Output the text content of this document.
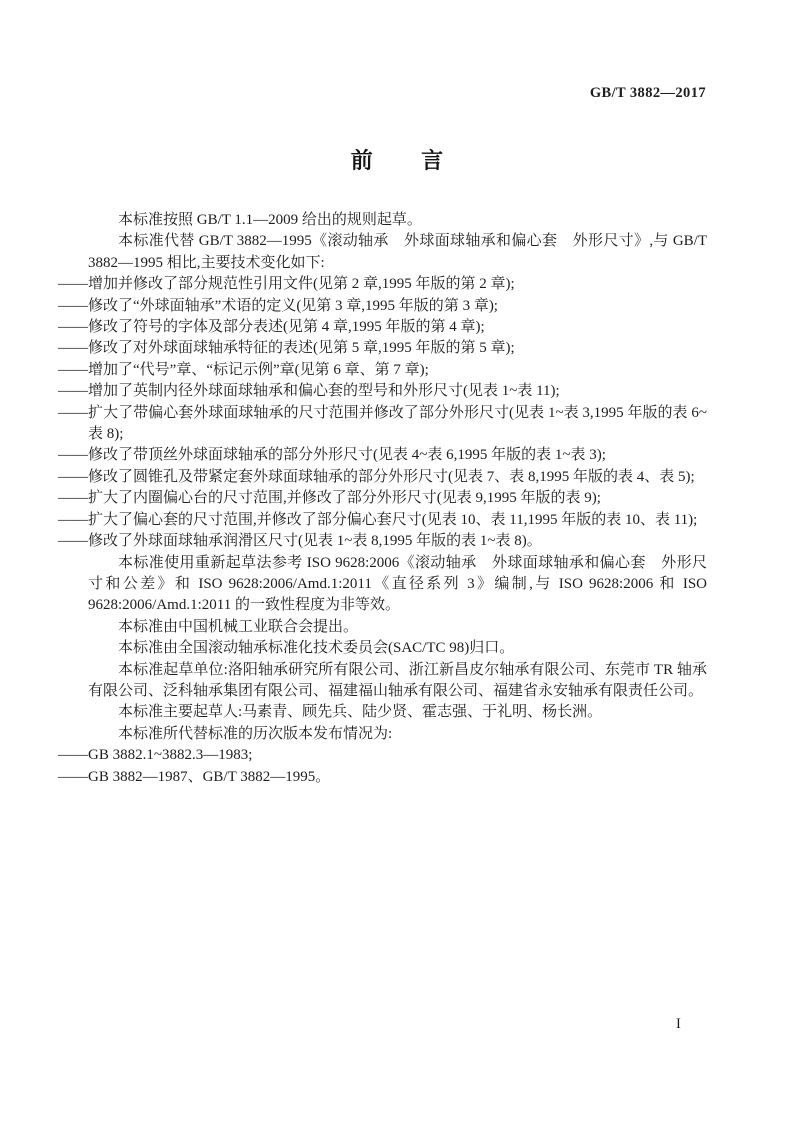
GB/T 3882—2017
前言

本标准按照 GB/T 1.1—2009 给出的规则起草。

本标准代替 GB/T 3882—1995《滚动轴承　外球面球轴承和偏心套　外形尺寸》,与 GB/T 3882—1995 相比,主要技术变化如下:

——增加并修改了部分规范性引用文件(见第 2 章,1995 年版的第 2 章);

——修改了“外球面轴承”术语的定义(见第 3 章,1995 年版的第 3 章);

——修改了符号的字体及部分表述(见第 4 章,1995 年版的第 4 章);

——修改了对外球面球轴承特征的表述(见第 5 章,1995 年版的第 5 章);

——增加了“代号”章、“标记示例”章(见第 6 章、第 7 章);

——增加了英制内径外球面球轴承和偏心套的型号和外形尺寸(见表 1~表 11);

——扩大了带偏心套外球面球轴承的尺寸范围并修改了部分外形尺寸(见表 1~表 3,1995 年版的表 6~表 8);

——修改了带顶丝外球面球轴承的部分外形尺寸(见表 4~表 6,1995 年版的表 1~表 3);

——修改了圆锥孔及带紧定套外球面球轴承的部分外形尺寸(见表 7、表 8,1995 年版的表 4、表 5);

——扩大了内圈偏心台的尺寸范围,并修改了部分外形尺寸(见表 9,1995 年版的表 9);

——扩大了偏心套的尺寸范围,并修改了部分偏心套尺寸(见表 10、表 11,1995 年版的表 10、表 11);

——修改了外球面球轴承润滑区尺寸(见表 1~表 8,1995 年版的表 1~表 8)。

本标准使用重新起草法参考 ISO 9628:2006《滚动轴承　外球面球轴承和偏心套　外形尺寸和公差》和 ISO 9628:2006/Amd.1:2011《直径系列 3》编制,与 ISO 9628:2006 和 ISO 9628:2006/Amd.1:2011 的一致性程度为非等效。

本标准由中国机械工业联合会提出。

本标准由全国滚动轴承标准化技术委员会(SAC/TC 98)归口。

本标准起草单位:洛阳轴承研究所有限公司、浙江新昌皮尔轴承有限公司、东莞市 TR 轴承有限公司、泛科轴承集团有限公司、福建福山轴承有限公司、福建省永安轴承有限责任公司。

本标准主要起草人:马素青、顾先兵、陆少贤、霍志强、于礼明、杨长洲。

本标准所代替标准的历次版本发布情况为:

——GB 3882.1~3882.3—1983;

——GB 3882—1987、GB/T 3882—1995。

I
